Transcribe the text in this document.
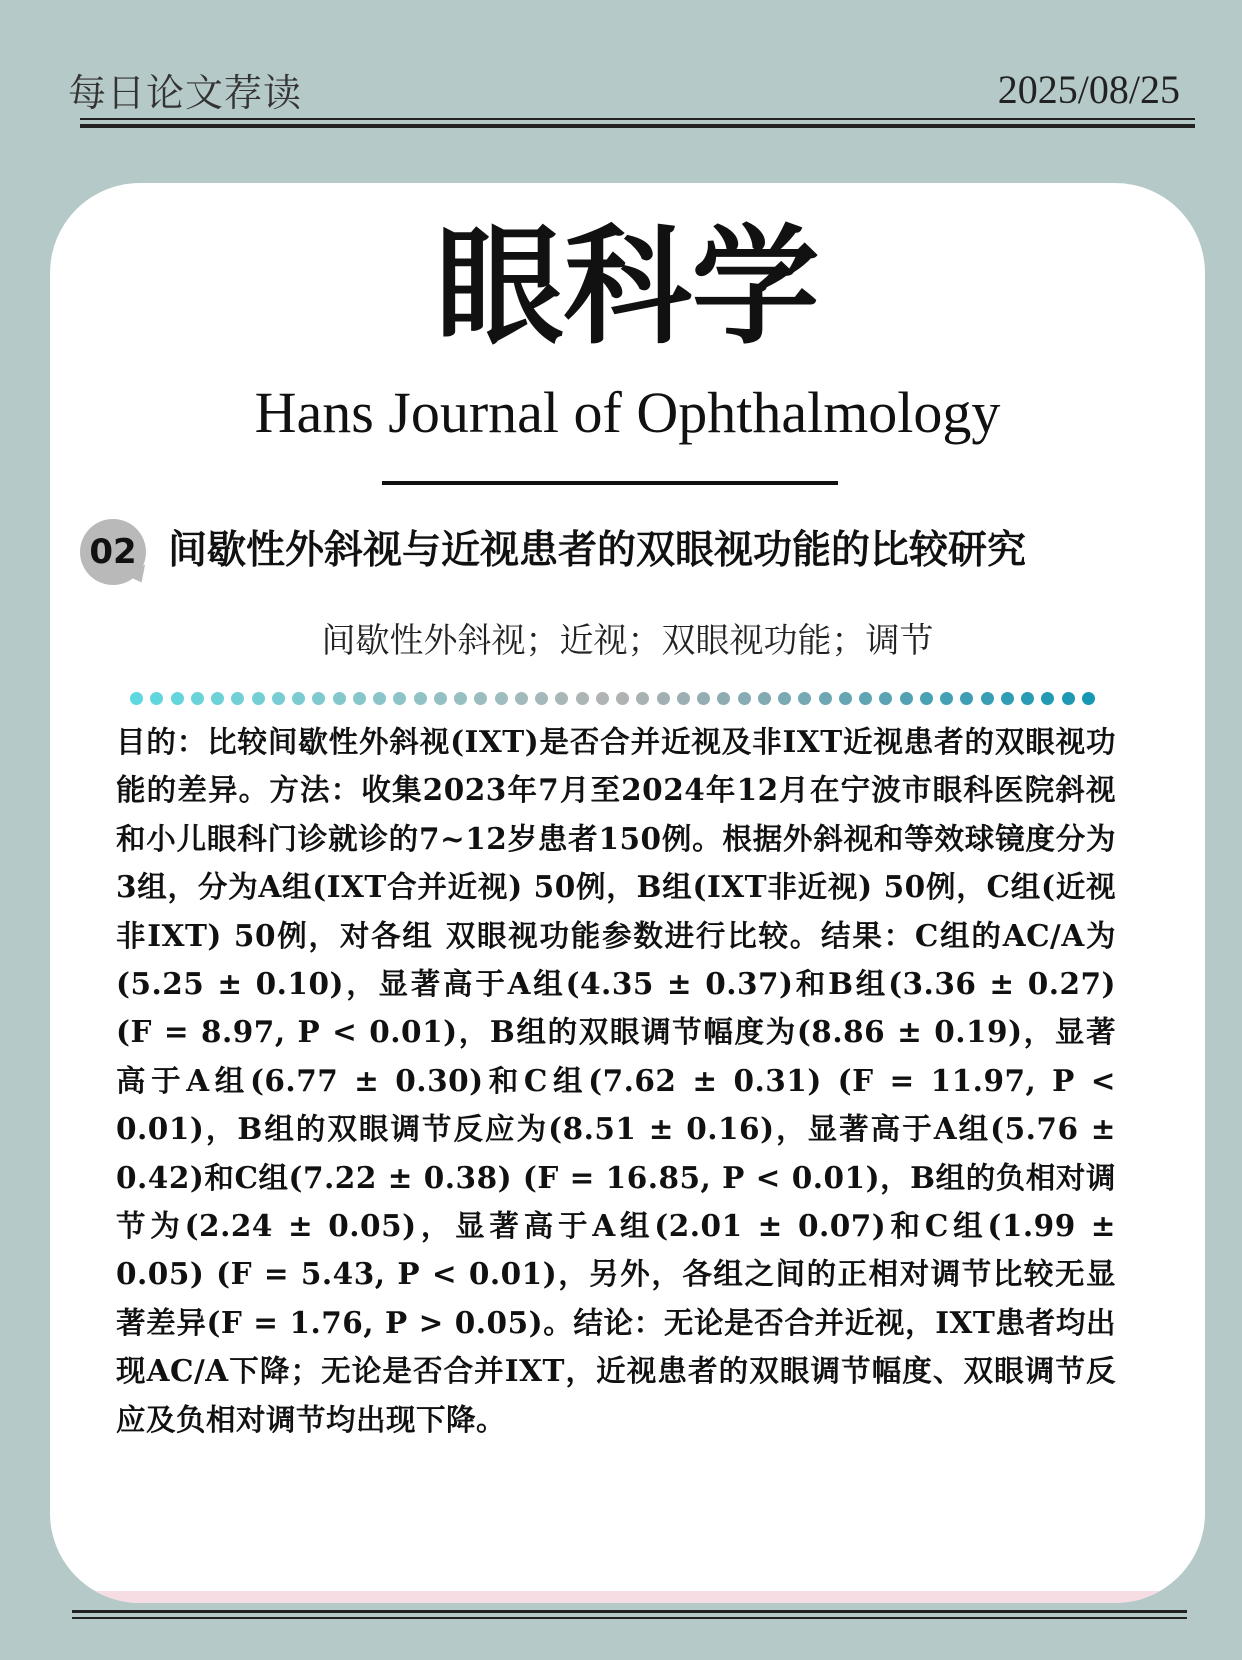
每日论文荐读	2025/08/25
眼科学
Hans Journal of Ophthalmology
02 间歇性外斜视与近视患者的双眼视功能的比较研究
间歇性外斜视；近视；双眼视功能；调节
目的：比较间歇性外斜视(IXT)是否合并近视及非IXT近视患者的双眼视功能的差异。方法：收集2023年7月至2024年12月在宁波市眼科医院斜视和小儿眼科门诊就诊的7~12岁患者150例。根据外斜视和等效球镜度分为3组，分为A组(IXT合并近视) 50例，B组(IXT非近视) 50例，C组(近视非IXT) 50例，对各组 双眼视功能参数进行比较。结果：C组的AC/A为(5.25 ± 0.10)，显著高于A组(4.35 ± 0.37)和B组(3.36 ± 0.27) (F = 8.97, P < 0.01)，B组的双眼调节幅度为(8.86 ± 0.19)，显著高于A组(6.77 ± 0.30)和C组(7.62 ± 0.31) (F = 11.97, P < 0.01)，B组的双眼调节反应为(8.51 ± 0.16)，显著高于A组(5.76 ± 0.42)和C组(7.22 ± 0.38) (F = 16.85, P < 0.01)，B组的负相对调节为(2.24 ± 0.05)，显著高于A组(2.01 ± 0.07)和C组(1.99 ± 0.05) (F = 5.43, P < 0.01)，另外，各组之间的正相对调节比较无显著差异(F = 1.76, P > 0.05)。结论：无论是否合并近视，IXT患者均出现AC/A下降；无论是否合并IXT，近视患者的双眼调节幅度、双眼调节反应及负相对调节均出现下降。
